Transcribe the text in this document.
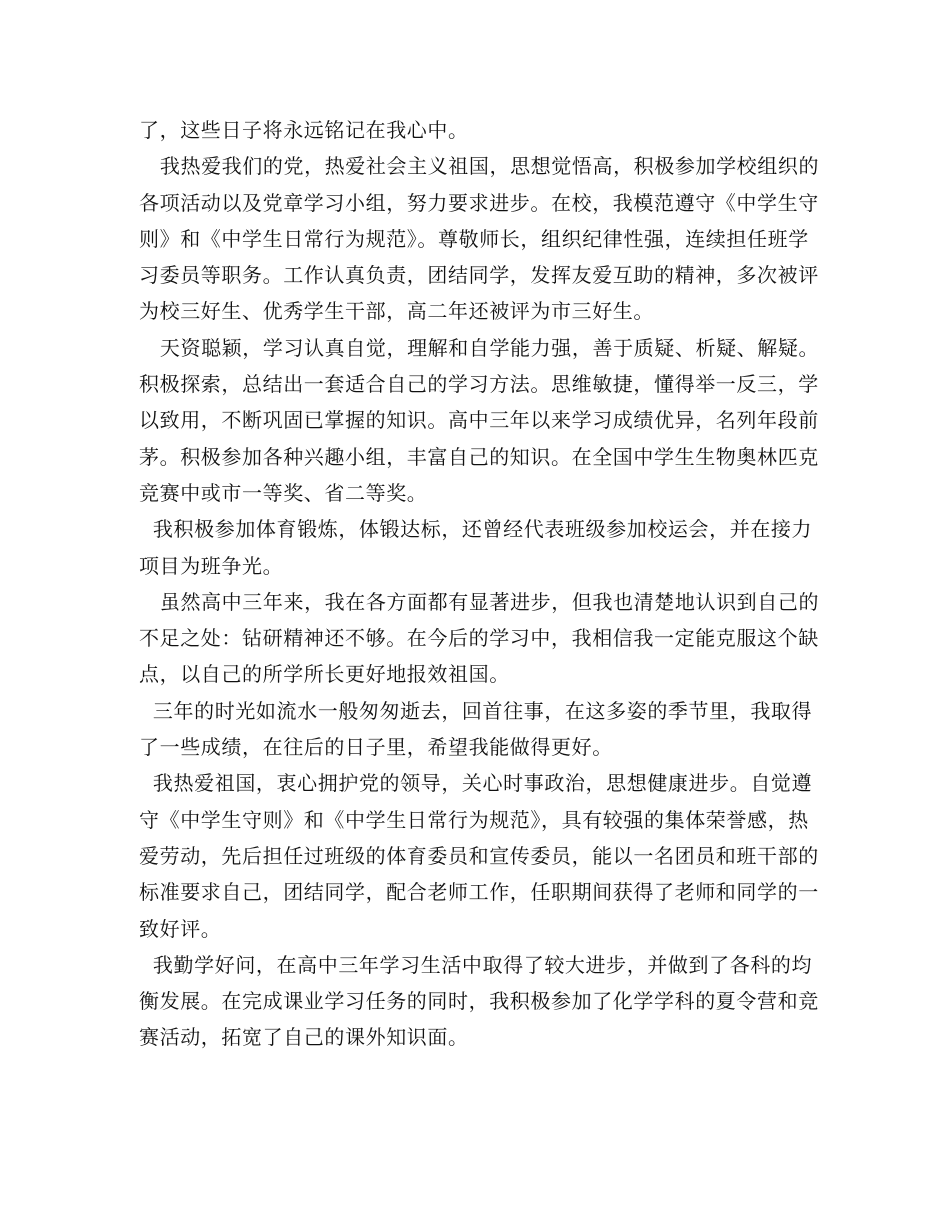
了，这些日子将永远铭记在我心中。

我热爱我们的党，热爱社会主义祖国，思想觉悟高，积极参加学校组织的各项活动以及党章学习小组，努力要求进步。在校，我模范遵守《中学生守则》和《中学生日常行为规范》。尊敬师长，组织纪律性强，连续担任班学习委员等职务。工作认真负责，团结同学，发挥友爱互助的精神，多次被评为校三好生、优秀学生干部，高二年还被评为市三好生。

天资聪颖，学习认真自觉，理解和自学能力强，善于质疑、析疑、解疑。积极探索，总结出一套适合自己的学习方法。思维敏捷，懂得举一反三，学以致用，不断巩固已掌握的知识。高中三年以来学习成绩优异，名列年段前茅。积极参加各种兴趣小组，丰富自己的知识。在全国中学生生物奥林匹克竞赛中或市一等奖、省二等奖。

我积极参加体育锻炼，体锻达标，还曾经代表班级参加校运会，并在接力项目为班争光。

虽然高中三年来，我在各方面都有显著进步，但我也清楚地认识到自己的不足之处：钻研精神还不够。在今后的学习中，我相信我一定能克服这个缺点，以自己的所学所长更好地报效祖国。

三年的时光如流水一般匆匆逝去，回首往事，在这多姿的季节里，我取得了一些成绩，在往后的日子里，希望我能做得更好。

我热爱祖国，衷心拥护党的领导，关心时事政治，思想健康进步。自觉遵守《中学生守则》和《中学生日常行为规范》，具有较强的集体荣誉感，热爱劳动，先后担任过班级的体育委员和宣传委员，能以一名团员和班干部的标准要求自己，团结同学，配合老师工作，任职期间获得了老师和同学的一致好评。

我勤学好问，在高中三年学习生活中取得了较大进步，并做到了各科的均衡发展。在完成课业学习任务的同时，我积极参加了化学学科的夏令营和竞赛活动，拓宽了自己的课外知识面。
